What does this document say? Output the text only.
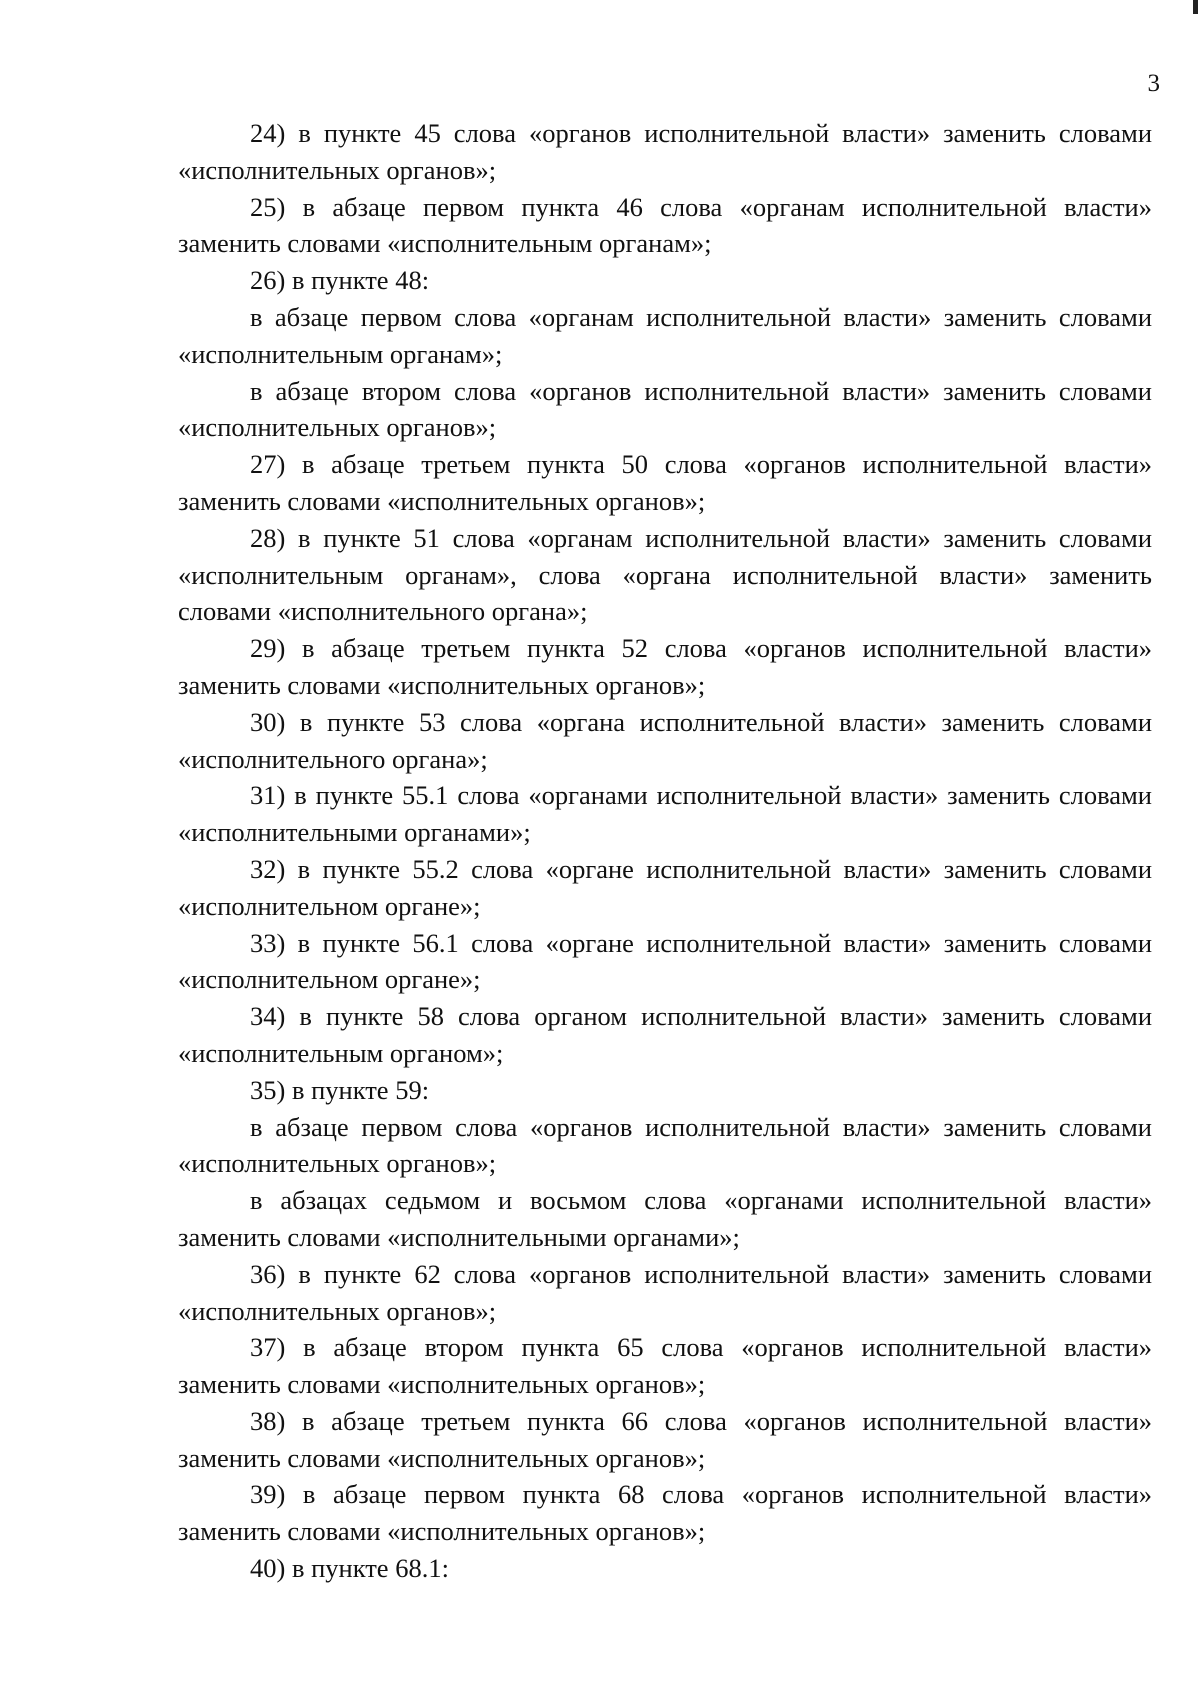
3

24) в пункте 45 слова «органов исполнительной власти» заменить словами «исполнительных органов»;

25) в абзаце первом пункта 46 слова «органам исполнительной власти» заменить словами «исполнительным органам»;

26) в пункте 48:

в абзаце первом слова «органам исполнительной власти» заменить словами «исполнительным органам»;

в абзаце втором слова «органов исполнительной власти» заменить словами «исполнительных органов»;

27) в абзаце третьем пункта 50 слова «органов исполнительной власти» заменить словами «исполнительных органов»;

28) в пункте 51 слова «органам исполнительной власти» заменить словами «исполнительным органам», слова «органа исполнительной власти» заменить словами «исполнительного органа»;

29) в абзаце третьем пункта 52 слова «органов исполнительной власти» заменить словами «исполнительных органов»;

30) в пункте 53 слова «органа исполнительной власти» заменить словами «исполнительного органа»;

31) в пункте 55.1 слова «органами исполнительной власти» заменить словами «исполнительными органами»;

32) в пункте 55.2 слова «органе исполнительной власти» заменить словами «исполнительном органе»;

33) в пункте 56.1 слова «органе исполнительной власти» заменить словами «исполнительном органе»;

34) в пункте 58 слова органом исполнительной власти» заменить словами «исполнительным органом»;

35) в пункте 59:

в абзаце первом слова «органов исполнительной власти» заменить словами «исполнительных органов»;

в абзацах седьмом и восьмом слова «органами исполнительной власти» заменить словами «исполнительными органами»;

36) в пункте 62 слова «органов исполнительной власти» заменить словами «исполнительных органов»;

37) в абзаце втором пункта 65 слова «органов исполнительной власти» заменить словами «исполнительных органов»;

38) в абзаце третьем пункта 66 слова «органов исполнительной власти» заменить словами «исполнительных органов»;

39) в абзаце первом пункта 68 слова «органов исполнительной власти» заменить словами «исполнительных органов»;

40) в пункте 68.1:
